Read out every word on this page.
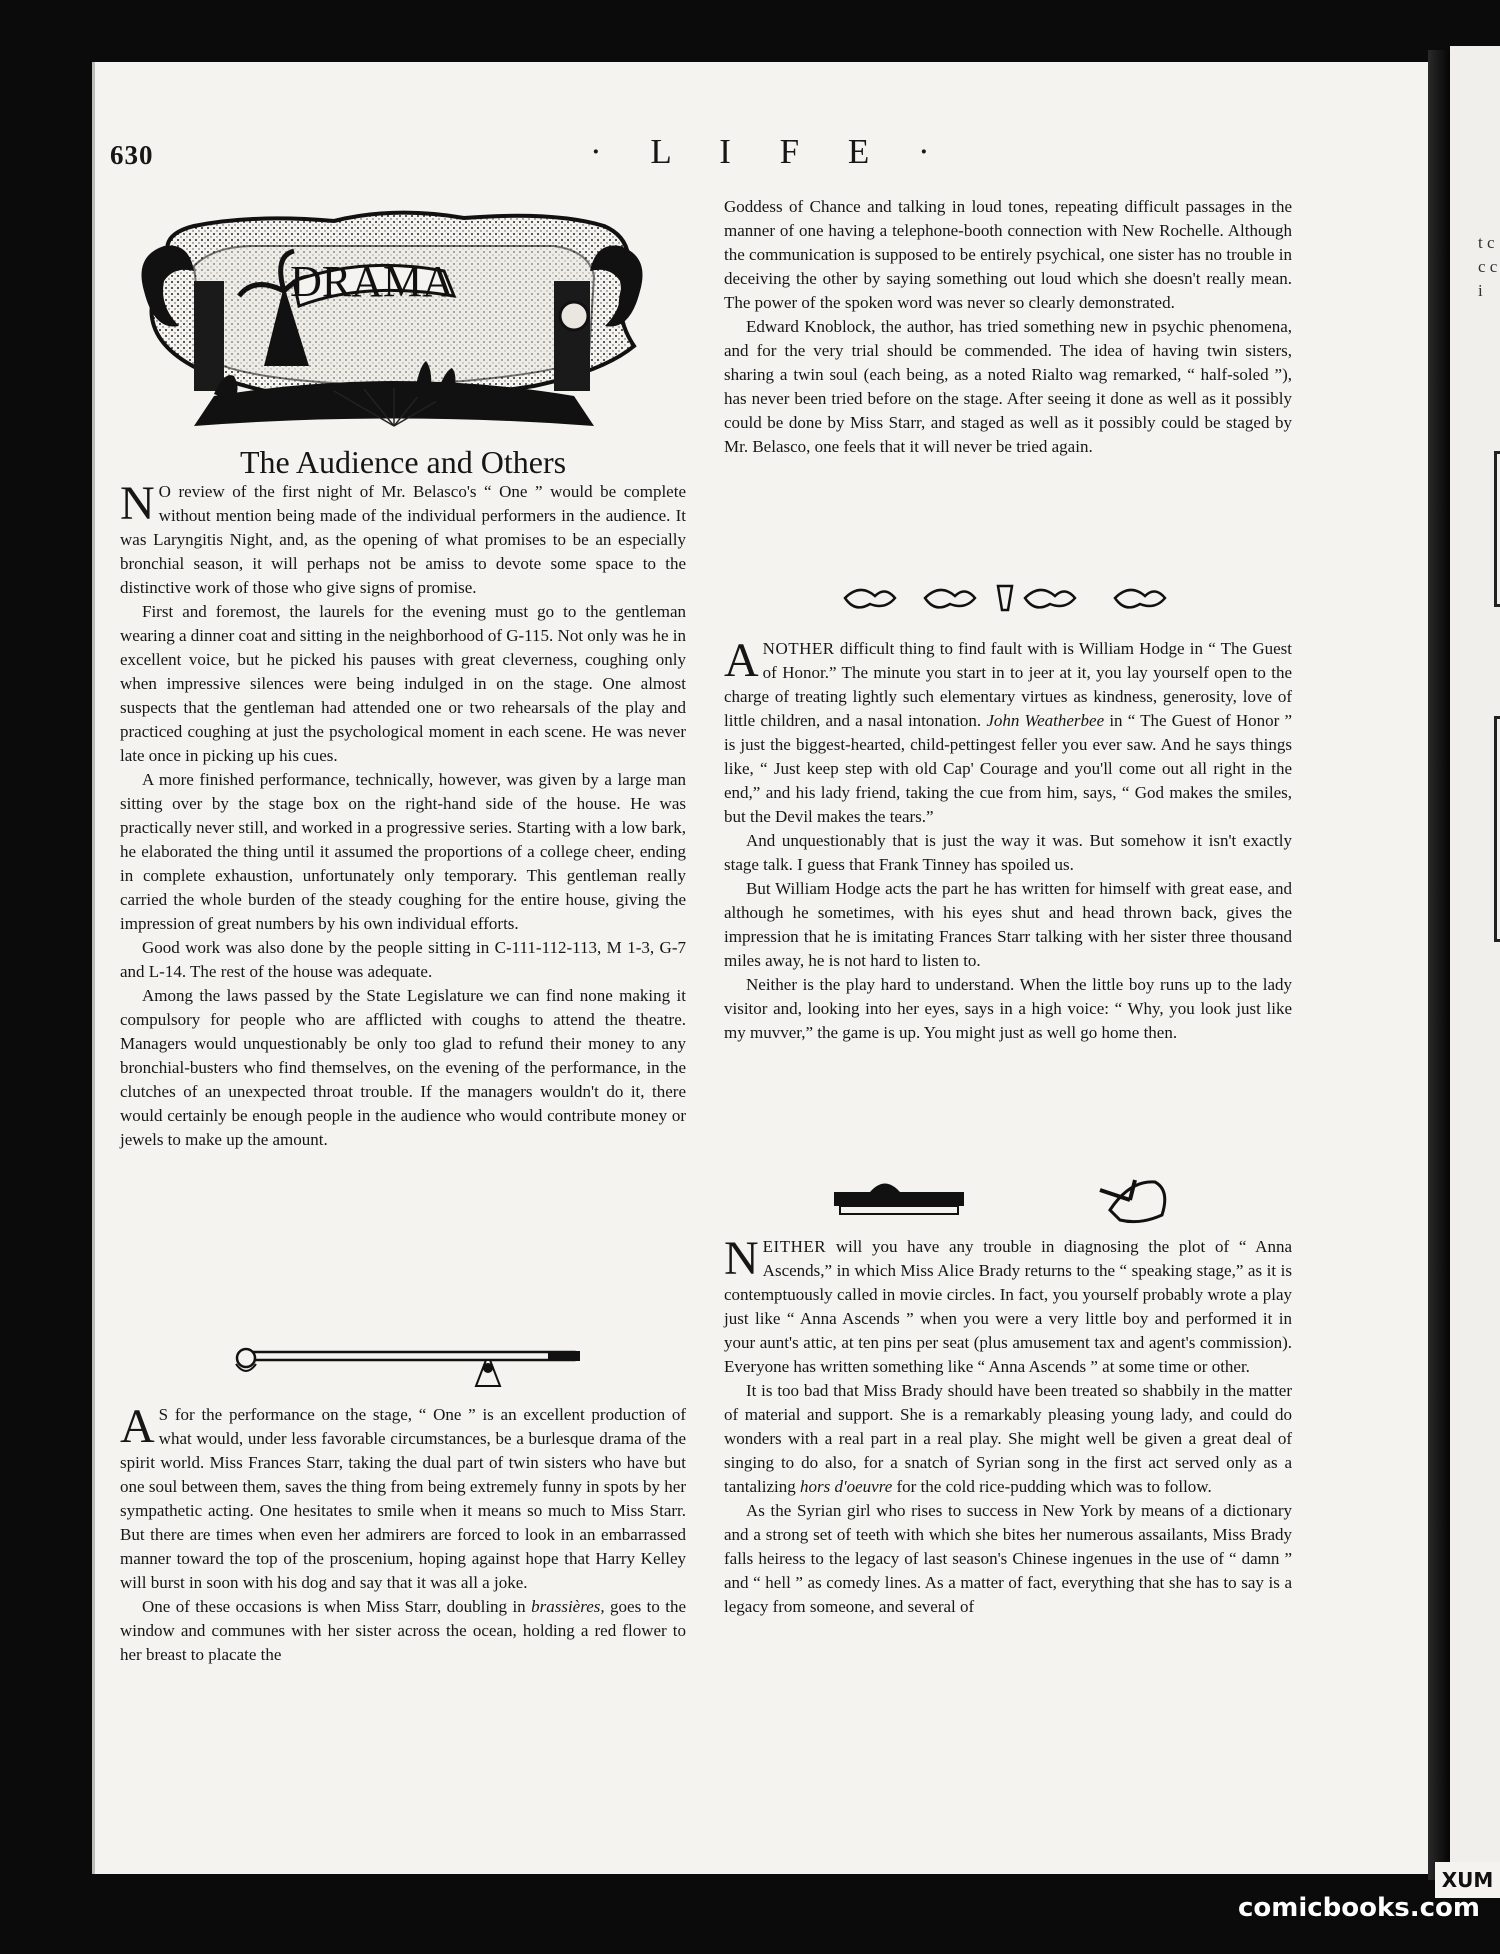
t c c c i
630	· L I F E ·
DRAMA
The Audience and Others

N O review of the first night of Mr. Belasco's “ One ” would be complete without mention being made of the individual performers in the audience. It was Laryngitis Night, and, as the opening of what promises to be an especially bronchial season, it will perhaps not be amiss to devote some space to the distinctive work of those who give signs of promise.

First and foremost, the laurels for the evening must go to the gentleman wearing a dinner coat and sitting in the neighborhood of G-115. Not only was he in excellent voice, but he picked his pauses with great cleverness, coughing only when impressive silences were being indulged in on the stage. One almost suspects that the gentleman had attended one or two rehearsals of the play and practiced coughing at just the psychological moment in each scene. He was never late once in picking up his cues.

A more finished performance, technically, however, was given by a large man sitting over by the stage box on the right-hand side of the house. He was practically never still, and worked in a progressive series. Starting with a low bark, he elaborated the thing until it assumed the proportions of a college cheer, ending in complete exhaustion, unfortunately only temporary. This gentleman really carried the whole burden of the steady coughing for the entire house, giving the impression of great numbers by his own individual efforts.

Good work was also done by the people sitting in C-111-112-113, M 1-3, G-7 and L-14. The rest of the house was adequate.

Among the laws passed by the State Legislature we can find none making it compulsory for people who are afflicted with coughs to attend the theatre. Managers would unquestionably be only too glad to refund their money to any bronchial-busters who find themselves, on the evening of the performance, in the clutches of an unexpected throat trouble. If the managers wouldn't do it, there would certainly be enough people in the audience who would contribute money or jewels to make up the amount.

A S for the performance on the stage, “ One ” is an excellent production of what would, under less favorable circumstances, be a burlesque drama of the spirit world. Miss Frances Starr, taking the dual part of twin sisters who have but one soul between them, saves the thing from being extremely funny in spots by her sympathetic acting. One hesitates to smile when it means so much to Miss Starr. But there are times when even her admirers are forced to look in an embarrassed manner toward the top of the proscenium, hoping against hope that Harry Kelley will burst in soon with his dog and say that it was all a joke.

One of these occasions is when Miss Starr, doubling in brassières, goes to the window and communes with her sister across the ocean, holding a red flower to her breast to placate the

Goddess of Chance and talking in loud tones, repeating difficult passages in the manner of one having a telephone-booth connection with New Rochelle. Although the communication is supposed to be entirely psychical, one sister has no trouble in deceiving the other by saying something out loud which she doesn't really mean. The power of the spoken word was never so clearly demonstrated.

Edward Knoblock, the author, has tried something new in psychic phenomena, and for the very trial should be commended. The idea of having twin sisters, sharing a twin soul (each being, as a noted Rialto wag remarked, “ half-soled ”), has never been tried before on the stage. After seeing it done as well as it possibly could be done by Miss Starr, and staged as well as it possibly could be staged by Mr. Belasco, one feels that it will never be tried again.

ANOTHER difficult thing to find fault with is William Hodge in “ The Guest of Honor.” The minute you start in to jeer at it, you lay yourself open to the charge of treating lightly such elementary virtues as kindness, generosity, love of little children, and a nasal intonation. John Weatherbee in “ The Guest of Honor ” is just the biggest-hearted, child-pettingest feller you ever saw. And he says things like, “ Just keep step with old Cap' Courage and you'll come out all right in the end,” and his lady friend, taking the cue from him, says, “ God makes the smiles, but the Devil makes the tears.”

And unquestionably that is just the way it was. But somehow it isn't exactly stage talk. I guess that Frank Tinney has spoiled us.

But William Hodge acts the part he has written for himself with great ease, and although he sometimes, with his eyes shut and head thrown back, gives the impression that he is imitating Frances Starr talking with her sister three thousand miles away, he is not hard to listen to.

Neither is the play hard to understand. When the little boy runs up to the lady visitor and, looking into her eyes, says in a high voice: “ Why, you look just like my muvver,” the game is up. You might just as well go home then.

NEITHER will you have any trouble in diagnosing the plot of “ Anna Ascends,” in which Miss Alice Brady returns to the “ speaking stage,” as it is contemptuously called in movie circles. In fact, you yourself probably wrote a play just like “ Anna Ascends ” when you were a very little boy and performed it in your aunt's attic, at ten pins per seat (plus amusement tax and agent's commission). Everyone has written something like “ Anna Ascends ” at some time or other.

It is too bad that Miss Brady should have been treated so shabbily in the matter of material and support. She is a remarkably pleasing young lady, and could do wonders with a real part in a real play. She might well be given a great deal of singing to do also, for a snatch of Syrian song in the first act served only as a tantalizing hors d'oeuvre for the cold rice-pudding which was to follow.

As the Syrian girl who rises to success in New York by means of a dictionary and a strong set of teeth with which she bites her numerous assailants, Miss Brady falls heiress to the legacy of last season's Chinese ingenues in the use of “ damn ” and “ hell ” as comedy lines. As a matter of fact, everything that she has to say is a legacy from someone, and several of

XUM
comicbooks.com
